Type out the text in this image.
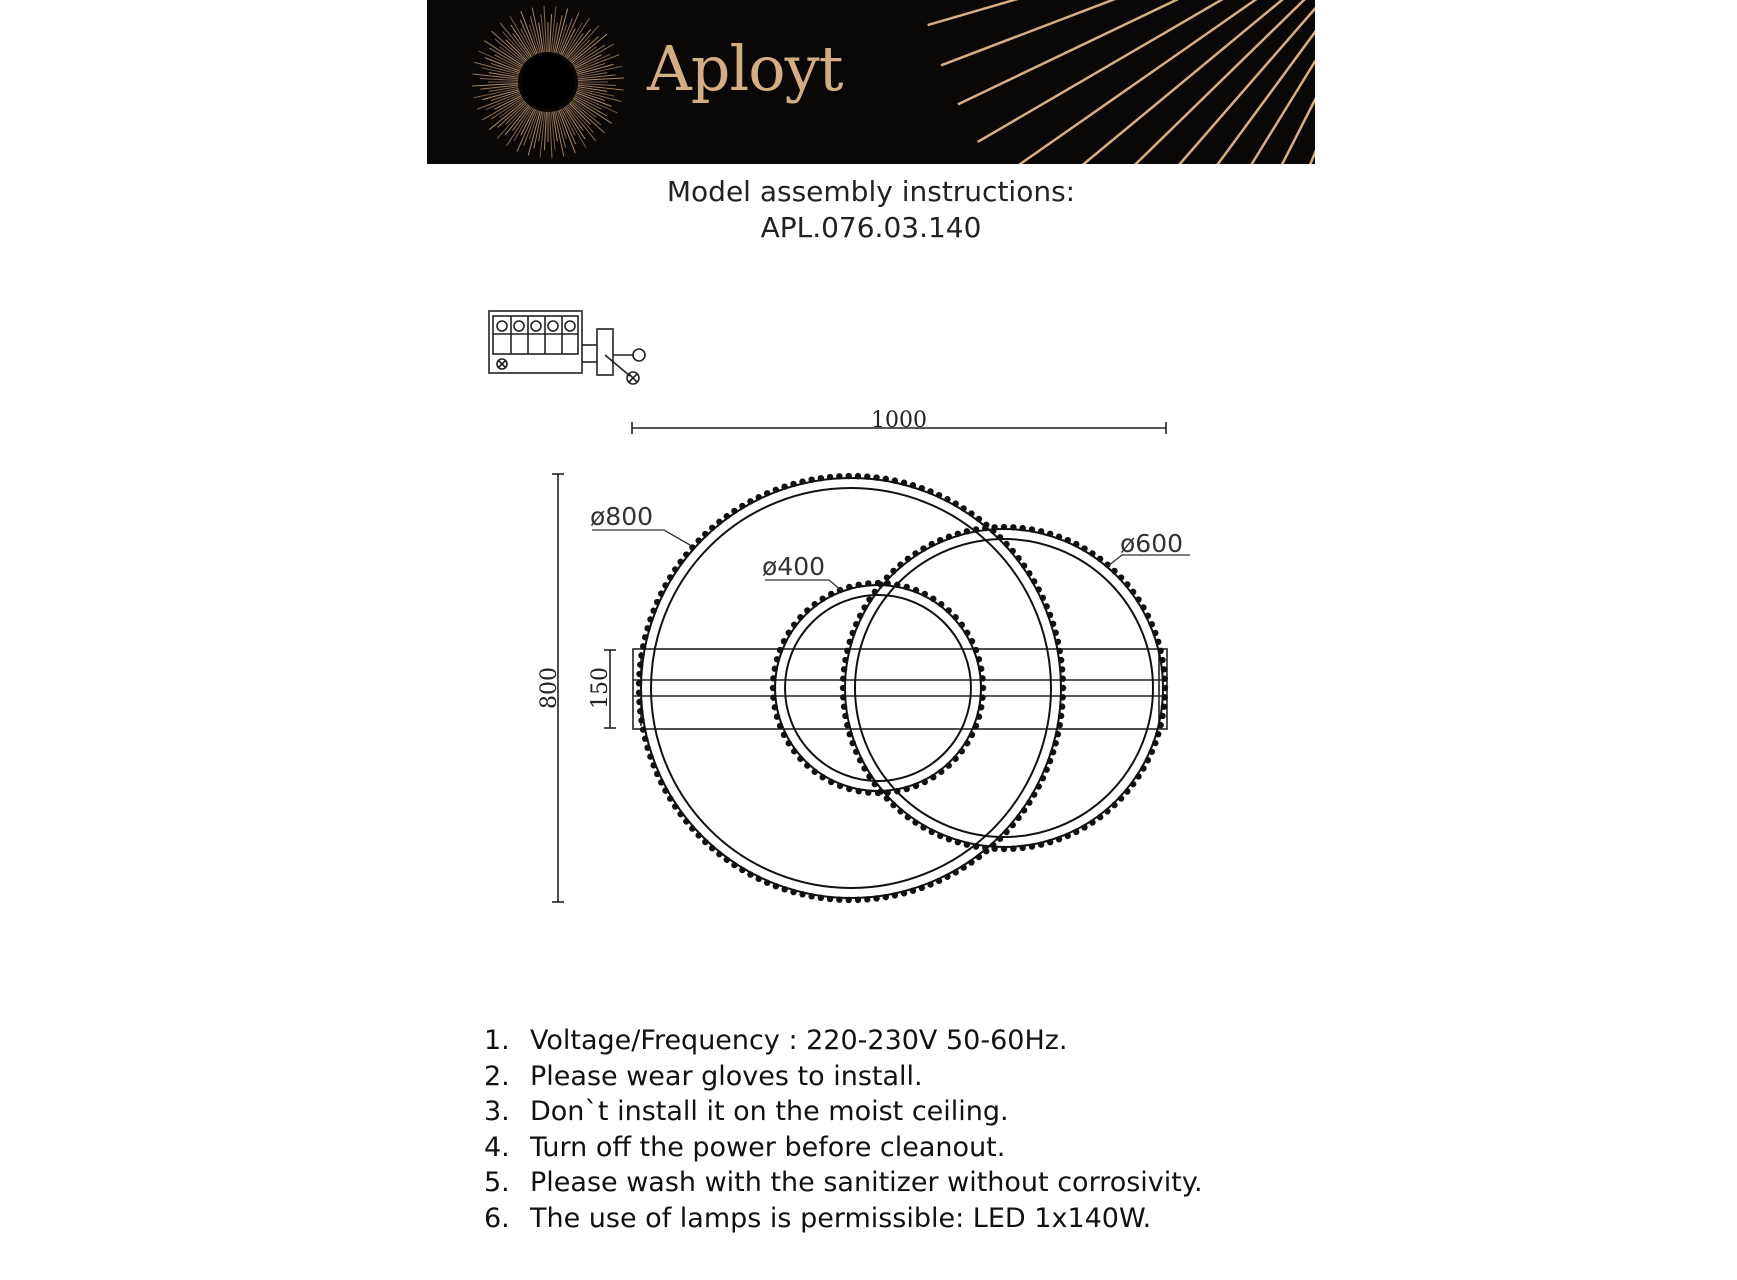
Aployt
Model assembly instructions:
APL.076.03.140
1000
800 150
ø800
ø400
ø600
1. Voltage/Frequency : 220-230V 50-60Hz.
2. Please wear gloves to install.
3. Don`t install it on the moist ceiling.
4. Turn off the power before cleanout.
5. Please wash with the sanitizer without corrosivity.
6. The use of lamps is permissible: LED 1x140W.
